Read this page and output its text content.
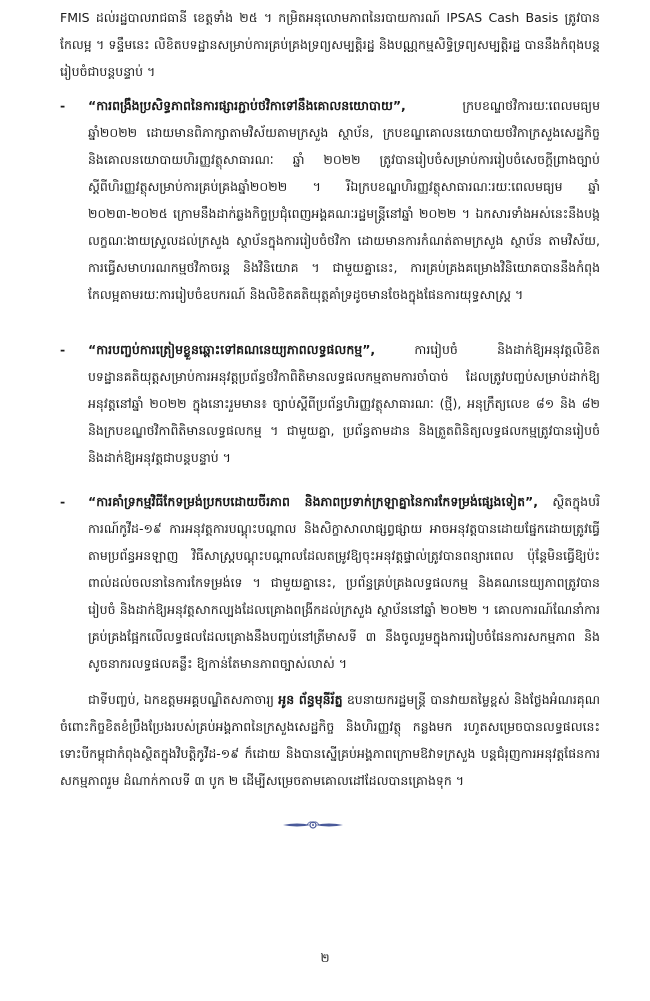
FMIS ដល់រដ្ឋបាលរាជធានី ខេត្តទាំង ២៥ ។ កម្រិតអនុលោមភាពនៃរបាយការណ៍ IPSAS Cash Basis ត្រូវបានកែលម្អ ។ ទន្ទឹមនេះ លិខិតបទដ្ឋានសម្រាប់ការគ្រប់គ្រងទ្រព្យសម្បត្តិរដ្ឋ និងបណ្ណកម្មសិទ្ធិទ្រព្យសម្បត្តិរដ្ឋ បាននឹងកំពុងបន្តរៀបចំជាបន្តបន្ទាប់ ។
- “ការពង្រឹងប្រសិទ្ធភាពនៃការផ្សារភ្ជាប់ថវិកាទៅនឹងគោលនយោបាយ”, ក្របខណ្ឌថវិការយៈពេលមធ្យម ឆ្នាំ២០២២ ដោយមានពិភាក្សាតាមវិស័យតាមក្រសួង ស្ថាប័ន, ក្របខណ្ឌគោលនយោបាយថវិកាក្រសួងសេដ្ឋកិច្ច និងគោលនយោបាយហិរញ្ញវត្ថុសាធារណៈ ឆ្នាំ ២០២២ ត្រូវបានរៀបចំសម្រាប់ការរៀបចំសេចក្តីព្រាងច្បាប់ស្តីពីហិរញ្ញវត្ថុសម្រាប់ការគ្រប់គ្រងឆ្នាំ២០២២ ។ រីឯក្របខណ្ឌហិរញ្ញវត្ថុសាធារណៈរយៈពេលមធ្យម ឆ្នាំ ២០២៣-២០២៥ ក្រោមនឹងដាក់ឆ្លងកិច្ចប្រជុំពេញអង្គគណៈរដ្ឋមន្ត្រីនៅឆ្នាំ ២០២២ ។ ឯកសារទាំងអស់នេះនឹងបង្កលក្ខណៈងាយស្រួលដល់ក្រសួង ស្ថាប័នក្នុងការរៀបចំថវិកា ដោយមានការកំណត់តាមក្រសួង ស្ថាប័ន តាមវិស័យ, ការធ្វើសមាហរណកម្មថវិកាចរន្ត និងវិនិយោគ ។ ជាមួយគ្នានេះ, ការគ្រប់គ្រងគម្រោងវិនិយោគបាននឹងកំពុង កែលម្អតាមរយៈការរៀបចំឧបករណ៍ និងលិខិតគតិយុត្តគាំទ្រដូចមានចែងក្នុងផែនការយុទ្ធសាស្ត្រ ។
- “ការបញ្ចប់ការត្រៀមខ្លួនឆ្ពោះទៅគណនេយ្យភាពលទ្ធផលកម្ម”, ការរៀបចំ និងដាក់ឱ្យអនុវត្តលិខិតបទដ្ឋានគតិយុត្តសម្រាប់ការអនុវត្តប្រព័ន្ធថវិកាពិតិមានលទ្ធផលកម្មតាមការចាំបាច់ ដែលត្រូវបញ្ចប់សម្រាប់ដាក់ឱ្យអនុវត្តនៅឆ្នាំ ២០២២ ក្នុងនោះរួមមាន៖ ច្បាប់ស្តីពីប្រព័ន្ធហិរញ្ញវត្ថុសាធារណៈ (ថ្មី), អនុក្រឹត្យលេខ ៨១ និង ៨២ និងក្របខណ្ឌថវិកាពិតិមានលទ្ធផលកម្ម ។ ជាមួយគ្នា, ប្រព័ន្ធតាមដាន និងត្រួតពិនិត្យលទ្ធផលកម្មត្រូវបានរៀបចំ និងដាក់ឱ្យអនុវត្តជាបន្តបន្ទាប់ ។
- “ការគាំទ្រកម្មវិធីកែទម្រង់ប្រកបដោយចីរភាព និងភាពប្រទាក់ក្រឡាគ្នានៃការកែទម្រង់ផ្សេងទៀត”, ស្ថិតក្នុងបរិការណ៍កូវីដ-១៩ ការអនុវត្តការបណ្តុះបណ្តាល និងសិក្ខាសាលាផ្សព្វផ្សាយ អាចអនុវត្តបានដោយផ្នែកដោយត្រូវធ្វើតាមប្រព័ន្ធអនឡាញ វិធីសាស្ត្របណ្តុះបណ្តាលដែលតម្រូវឱ្យចុះអនុវត្តផ្ទាល់ត្រូវបានពន្យារពេល ប៉ុន្តែមិនធ្វើឱ្យប៉ះពាល់ដល់ចលនានៃការកែទម្រង់ទេ ។ ជាមួយគ្នានេះ, ប្រព័ន្ធគ្រប់គ្រងលទ្ធផលកម្ម និងគណនេយ្យភាពត្រូវបានរៀបចំ និងដាក់ឱ្យអនុវត្តសាកល្បងដែលគ្រោងពង្រីកដល់ក្រសួង ស្ថាប័ននៅឆ្នាំ ២០២២ ។ គោលការណ៍ណែនាំការគ្រប់គ្រងផ្អែកលើលទ្ធផលដែលគ្រោងនឹងបញ្ចប់នៅត្រីមាសទី ៣ នឹងចូលរួមក្នុងការរៀបចំផែនការសកម្មភាព និងសូចនាករលទ្ធផលគន្លឹះ ឱ្យកាន់តែមានភាពច្បាស់លាស់ ។
ជាទីបញ្ចប់, ឯកឧត្តមអគ្គបណ្ឌិតសភាចារ្យ អូន ព័ន្ធមុនីរ័ត្ន ឧបនាយករដ្ឋមន្ត្រី បានវាយតម្លៃខ្ពស់ និងថ្លែងអំណរគុណចំពោះកិច្ចខិតខំប្រឹងប្រែងរបស់គ្រប់អង្គភាពនៃក្រសួងសេដ្ឋកិច្ច និងហិរញ្ញវត្ថុ កន្លងមក រហូតសម្រេចបានលទ្ធផលនេះ ទោះបីកម្ពុជាកំពុងស្ថិតក្នុងវិបត្តិកូវីដ-១៩ ក៏ដោយ និងបានស្នើគ្រប់អង្គភាពក្រោមឱវាទក្រសួង បន្តជំរុញការអនុវត្តផែនការសកម្មភាពរួម ដំណាក់កាលទី ៣ បូក ២ ដើម្បីសម្រេចតាមគោលដៅដែលបានគ្រោងទុក ។
២
